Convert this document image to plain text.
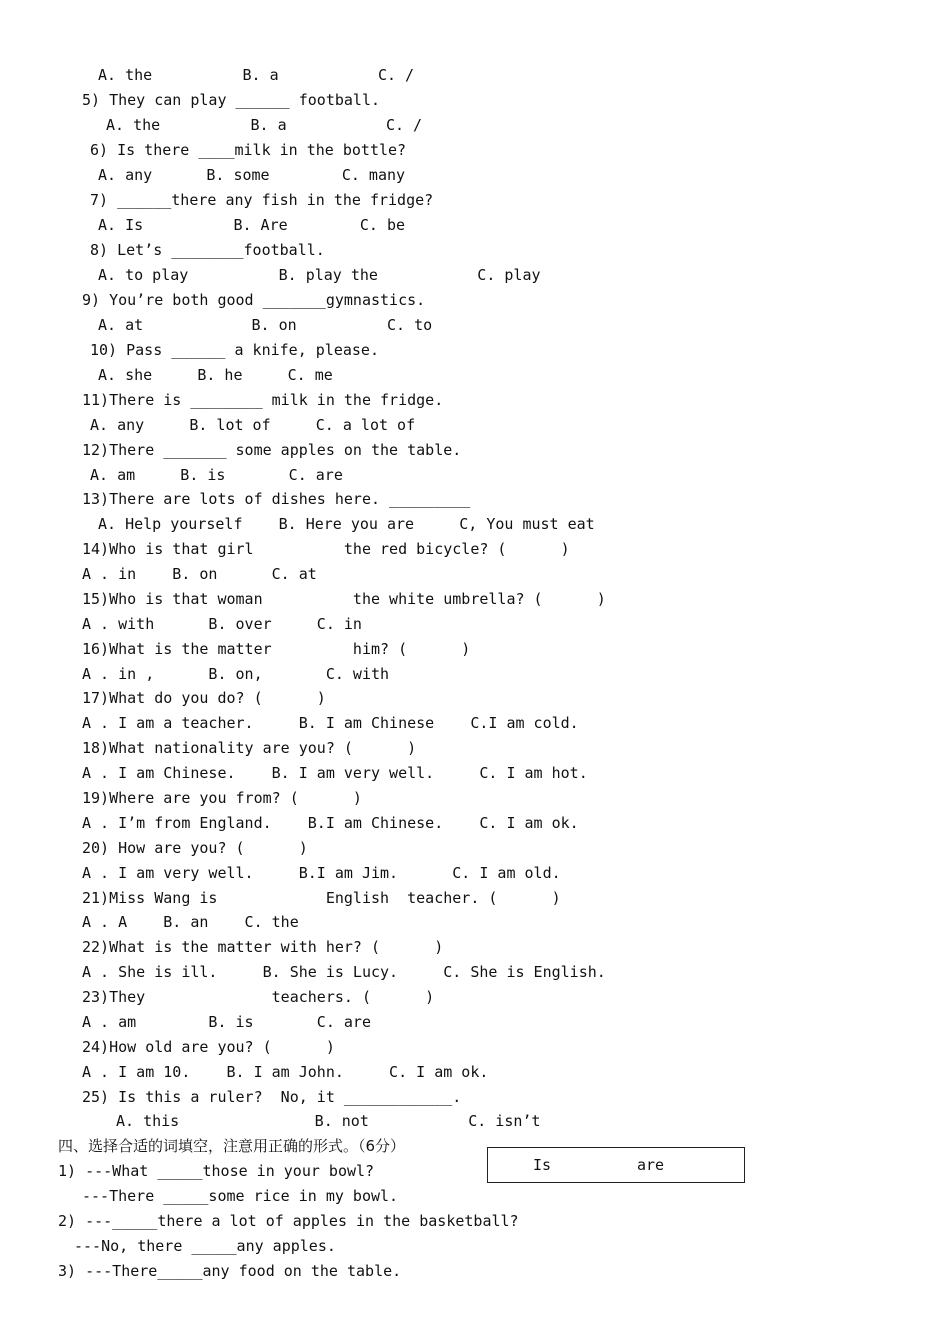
A. the          B. a           C. /
5) They can play ______ football.
A. the          B. a           C. /
6) Is there ____milk in the bottle?
A. any      B. some        C. many
7) ______there any fish in the fridge?
A. Is          B. Are        C. be
8) Let’s ________football.
A. to play          B. play the           C. play
9) You’re both good _______gymnastics.
A. at            B. on          C. to
10) Pass ______ a knife, please.
A. she     B. he     C. me
11)There is ________ milk in the fridge.
A. any     B. lot of     C. a lot of
12)There _______ some apples on the table.
A. am     B. is       C. are
13)There are lots of dishes here. _________
A. Help yourself    B. Here you are     C, You must eat
14)Who is that girl          the red bicycle? (      )
A . in    B. on      C. at
15)Who is that woman          the white umbrella? (      )
A . with      B. over     C. in
16)What is the matter         him? (      )
A . in ,      B. on,       C. with
17)What do you do? (      )
A . I am a teacher.     B. I am Chinese    C.I am cold.
18)What nationality are you? (      )
A . I am Chinese.    B. I am very well.     C. I am hot.
19)Where are you from? (      )
A . I’m from England.    B.I am Chinese.    C. I am ok.
20) How are you? (      )
A . I am very well.     B.I am Jim.      C. I am old.
21)Miss Wang is            English  teacher. (      )
A . A    B. an    C. the
22)What is the matter with her? (      )
A . She is ill.     B. She is Lucy.     C. She is English.
23)They              teachers. (      )
A . am        B. is       C. are
24)How old are you? (      )
A . I am 10.    B. I am John.     C. I am ok.
25) Is this a ruler?  No, it ____________.
A. this               B. not           C. isn’t
四、选择合适的词填空，注意用正确的形式。（6分）
1) ---What _____those in your bowl?
---There _____some rice in my bowl.
2) ---_____there a lot of apples in the basketball?
---No, there _____any apples.
3) ---There_____any food on the table.
Is	are
